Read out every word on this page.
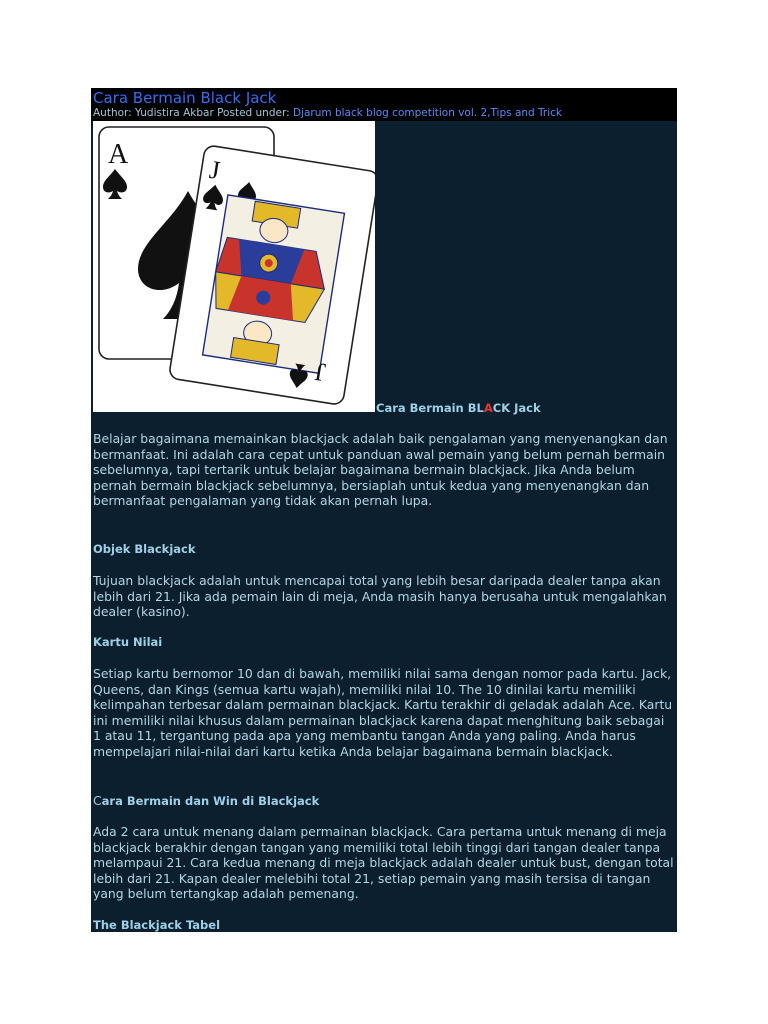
Cara Bermain Black Jack
Author: Yudistira Akbar Posted under: Djarum black blog competition vol. 2,Tips and Trick
A
J
J
Cara Bermain BLACK Jack
Belajar bagaimana memainkan blackjack adalah baik pengalaman yang menyenangkan dan bermanfaat. Ini adalah cara cepat untuk panduan awal pemain yang belum pernah bermain sebelumnya, tapi tertarik untuk belajar bagaimana bermain blackjack. Jika Anda belum pernah bermain blackjack sebelumnya, bersiaplah untuk kedua yang menyenangkan dan bermanfaat pengalaman yang tidak akan pernah lupa.
Objek Blackjack
Tujuan blackjack adalah untuk mencapai total yang lebih besar daripada dealer tanpa akan lebih dari 21. Jika ada pemain lain di meja, Anda masih hanya berusaha untuk mengalahkan dealer (kasino).
Kartu Nilai
Setiap kartu bernomor 10 dan di bawah, memiliki nilai sama dengan nomor pada kartu. Jack, Queens, dan Kings (semua kartu wajah), memiliki nilai 10. The 10 dinilai kartu memiliki kelimpahan terbesar dalam permainan blackjack. Kartu terakhir di geladak adalah Ace. Kartu ini memiliki nilai khusus dalam permainan blackjack karena dapat menghitung baik sebagai 1 atau 11, tergantung pada apa yang membantu tangan Anda yang paling. Anda harus mempelajari nilai-nilai dari kartu ketika Anda belajar bagaimana bermain blackjack.
Cara Bermain dan Win di Blackjack
Ada 2 cara untuk menang dalam permainan blackjack. Cara pertama untuk menang di meja blackjack berakhir dengan tangan yang memiliki total lebih tinggi dari tangan dealer tanpa melampaui 21. Cara kedua menang di meja blackjack adalah dealer untuk bust, dengan total lebih dari 21. Kapan dealer melebihi total 21, setiap pemain yang masih tersisa di tangan yang belum tertangkap adalah pemenang.
The Blackjack Tabel
